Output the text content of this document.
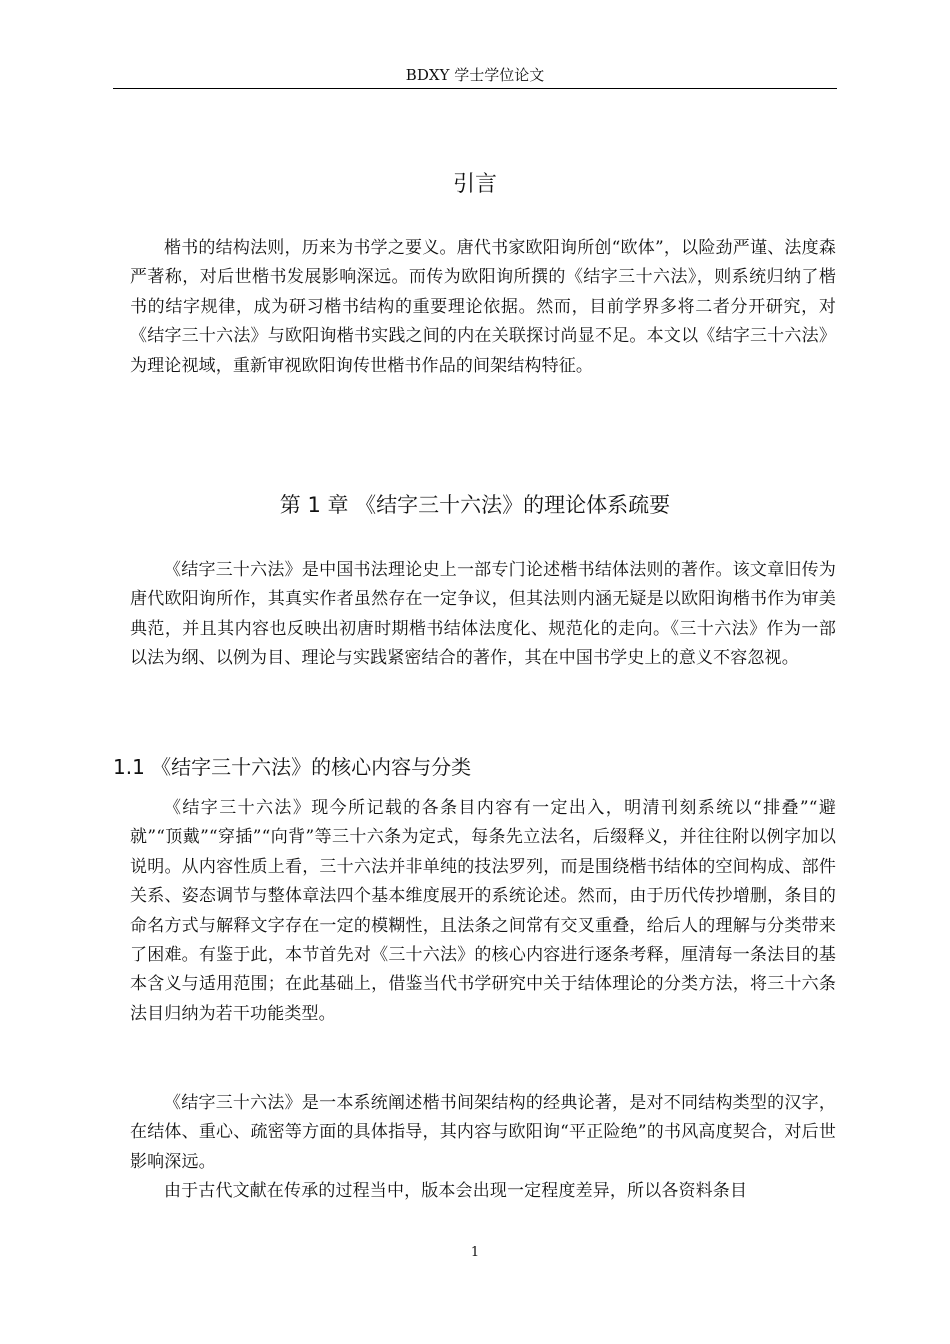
BDXY 学士学位论文
引言

楷书的结构法则，历来为书学之要义。唐代书家欧阳询所创“欧体”，以险劲严谨、法度森严著称，对后世楷书发展影响深远。而传为欧阳询所撰的《结字三十六法》，则系统归纳了楷书的结字规律，成为研习楷书结构的重要理论依据。然而，目前学界多将二者分开研究，对《结字三十六法》与欧阳询楷书实践之间的内在关联探讨尚显不足。本文以《结字三十六法》为理论视域，重新审视欧阳询传世楷书作品的间架结构特征。

第 1 章 《结字三十六法》的理论体系疏要

《结字三十六法》是中国书法理论史上一部专门论述楷书结体法则的著作。该文章旧传为唐代欧阳询所作，其真实作者虽然存在一定争议，但其法则内涵无疑是以欧阳询楷书作为审美典范，并且其内容也反映出初唐时期楷书结体法度化、规范化的走向。《三十六法》作为一部以法为纲、以例为目、理论与实践紧密结合的著作，其在中国书学史上的意义不容忽视。

1.1 《结字三十六法》的核心内容与分类

《结字三十六法》现今所记载的各条目内容有一定出入，明清刊刻系统以“排叠”“避就”“顶戴”“穿插”“向背”等三十六条为定式，每条先立法名，后缀释义，并往往附以例字加以说明。从内容性质上看，三十六法并非单纯的技法罗列，而是围绕楷书结体的空间构成、部件关系、姿态调节与整体章法四个基本维度展开的系统论述。然而，由于历代传抄增删，条目的命名方式与解释文字存在一定的模糊性，且法条之间常有交叉重叠，给后人的理解与分类带来了困难。有鉴于此，本节首先对《三十六法》的核心内容进行逐条考释，厘清每一条法目的基本含义与适用范围；在此基础上，借鉴当代书学研究中关于结体理论的分类方法，将三十六条法目归纳为若干功能类型。

《结字三十六法》是一本系统阐述楷书间架结构的经典论著，是对不同结构类型的汉字，在结体、重心、疏密等方面的具体指导，其内容与欧阳询“平正险绝”的书风高度契合，对后世影响深远。

由于古代文献在传承的过程当中，版本会出现一定程度差异，所以各资料条目

1
